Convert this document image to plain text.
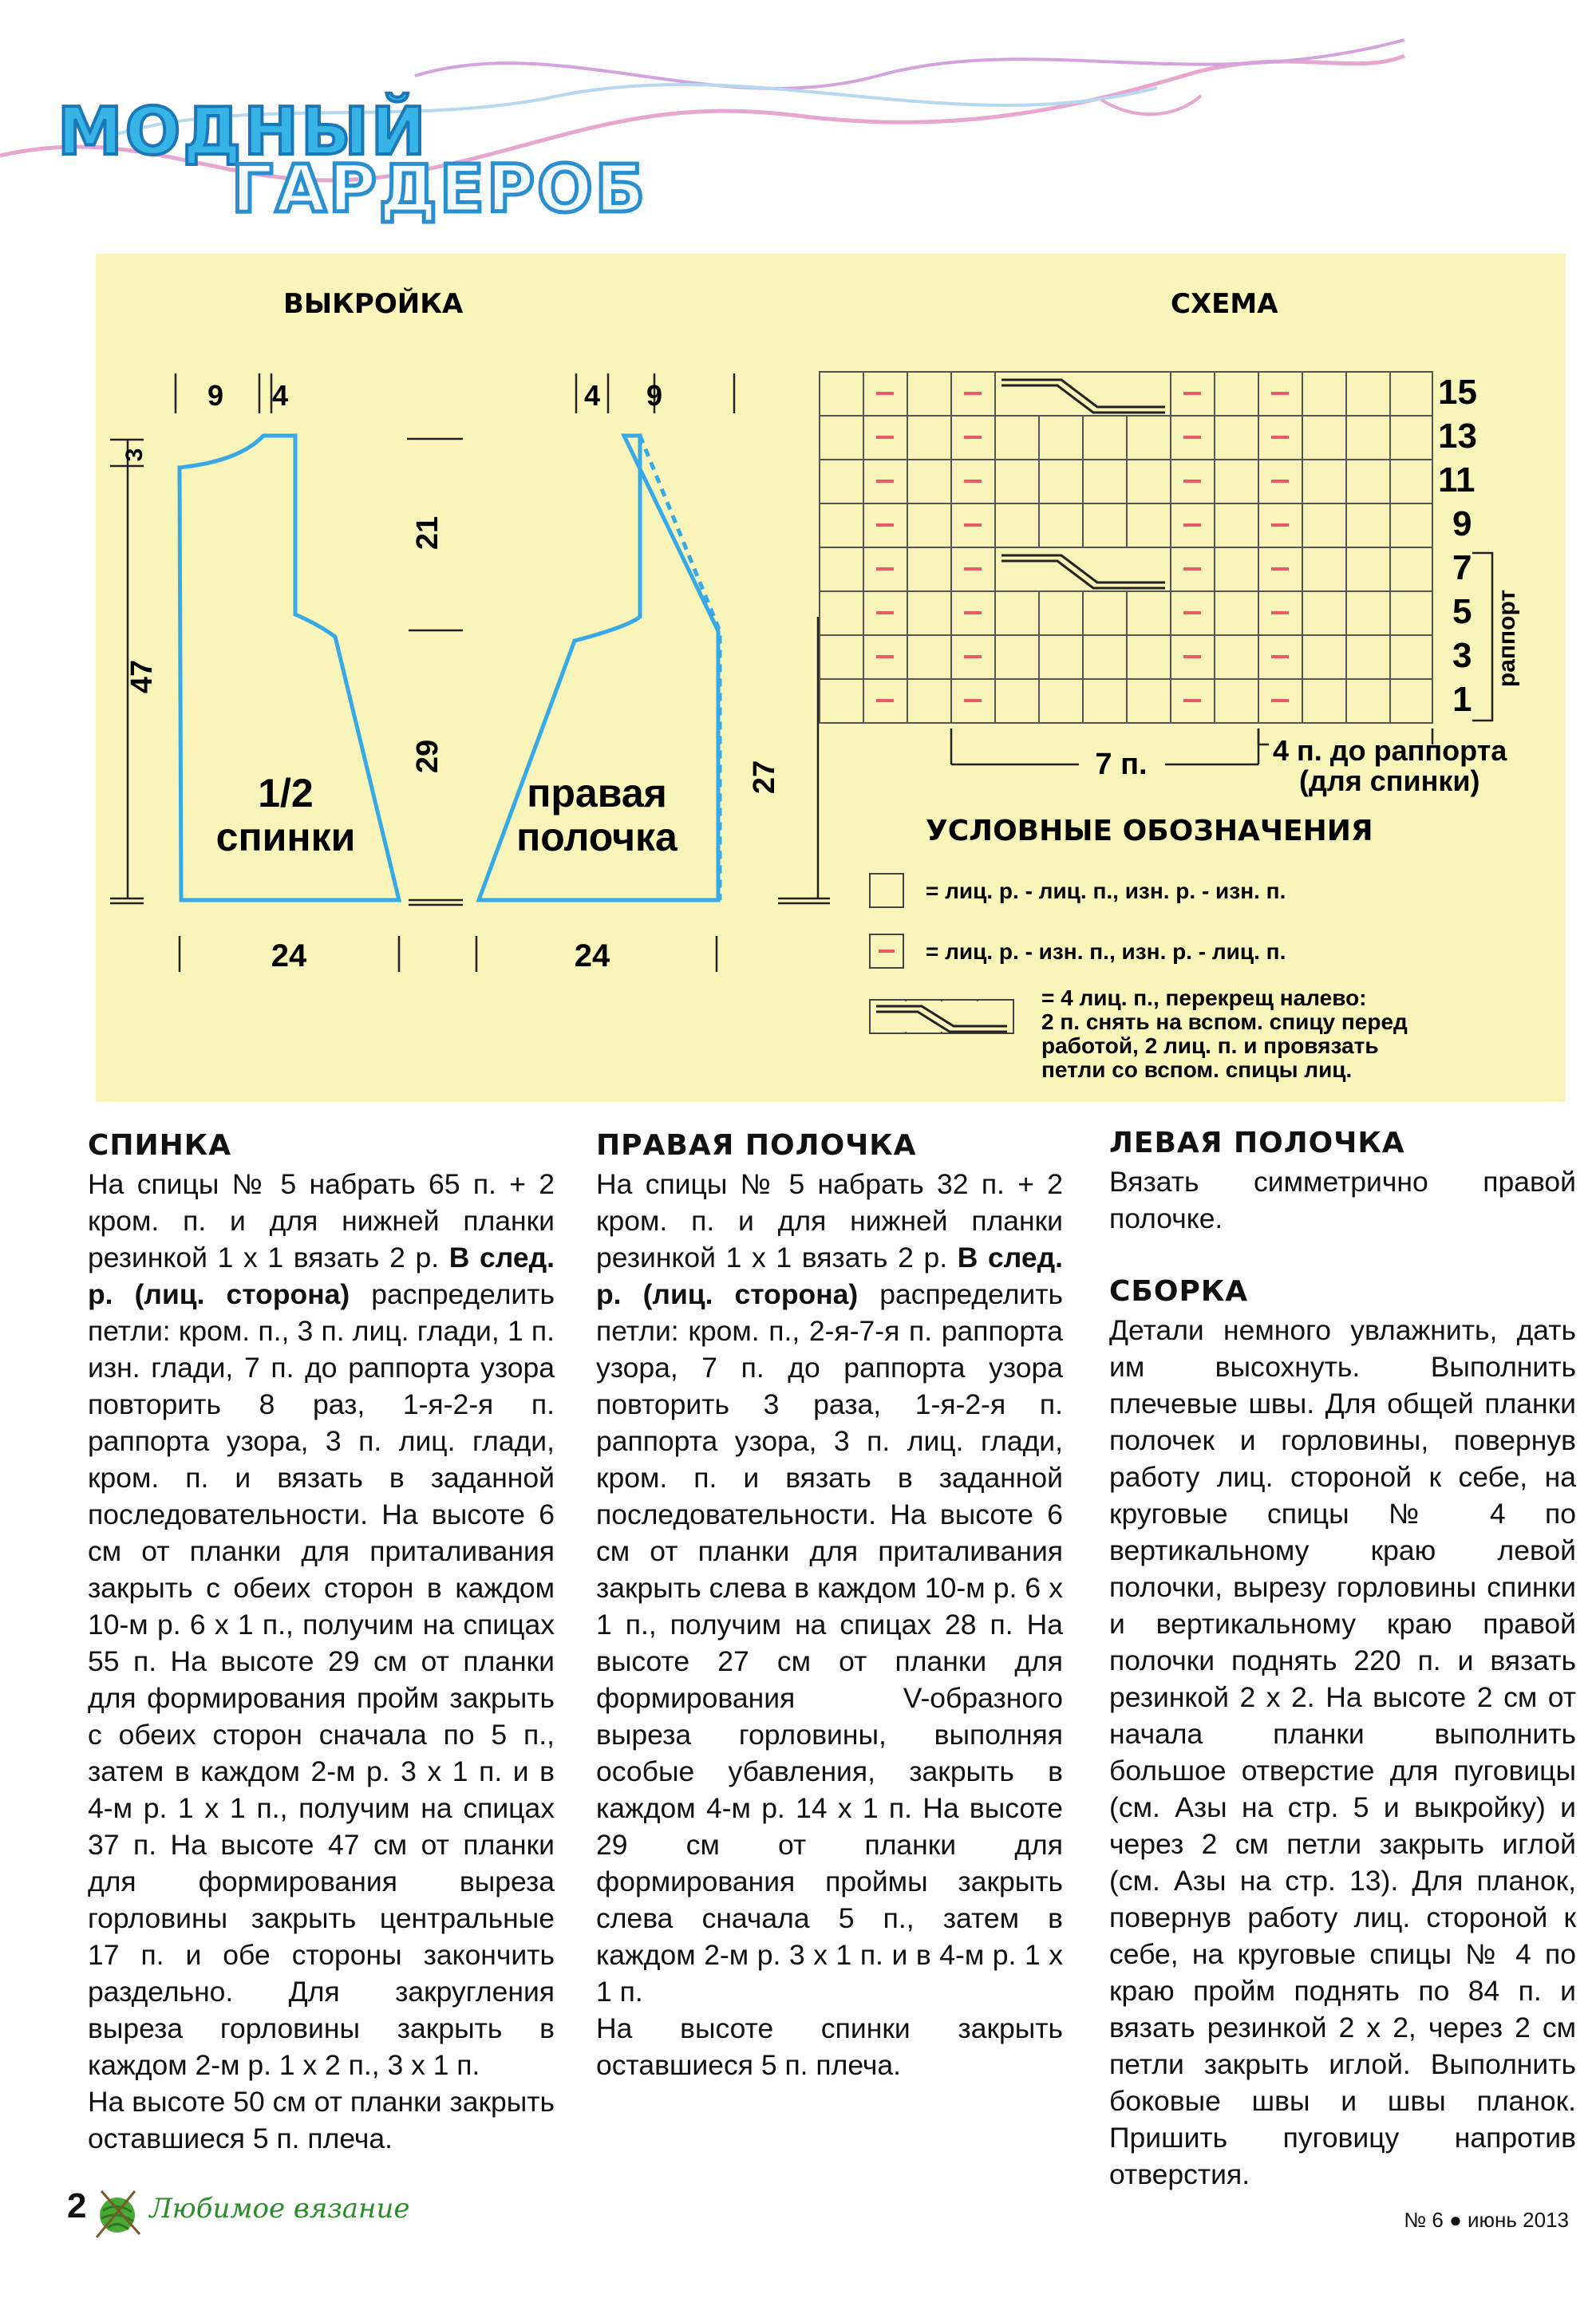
МОДНЫЙ
ГАРДЕРОБ
ВЫКРОЙКА
9 4
3
47
24
1/2
спинки
21
29
4 9
27
24
правая
полочка
СХЕМА
15
13
11
9
7
5
3
1
раппорт
7 п.	4 п. до раппорта
(для спинки)
УСЛОВНЫЕ ОБОЗНАЧЕНИЯ
= лиц. р. - лиц. п., изн. р. - изн. п.
= лиц. р. - изн. п., изн. р. - лиц. п.
= 4 лиц. п., перекрещ налево:
2 п. снять на вспом. спицу перед
работой, 2 лиц. п. и провязать
петли со вспом. спицы лиц.
СПИНКА

На спицы № 5 набрать 65 п. + 2 кром. п. и для нижней планки резинкой 1 х 1 вязать 2 р. В след. р. (лиц. сторона) распределить петли: кром. п., 3 п. лиц. глади, 1 п. изн. глади, 7 п. до раппорта узора повторить 8 раз, 1-я-2-я п. раппорта узора, 3 п. лиц. глади, кром. п. и вязать в заданной последовательности. На высоте 6 см от планки для приталивания закрыть с обеих сторон в каждом 10-м р. 6 х 1 п., получим на спицах 55 п. На высоте 29 см от планки для формирования пройм закрыть с обеих сторон сначала по 5 п., затем в каждом 2-м р. 3 х 1 п. и в 4-м р. 1 х 1 п., получим на спицах 37 п. На высоте 47 см от планки для формирования выреза горловины закрыть центральные 17 п. и обе стороны закончить раздельно. Для закругления выреза горловины закрыть в каждом 2-м р. 1 х 2 п., 3 х 1 п.

На высоте 50 см от планки закрыть оставшиеся 5 п. плеча.

ПРАВАЯ ПОЛОЧКА

На спицы № 5 набрать 32 п. + 2 кром. п. и для нижней планки резинкой 1 х 1 вязать 2 р. В след. р. (лиц. сторона) распределить петли: кром. п., 2-я-7-я п. раппорта узора, 7 п. до раппорта узора повторить 3 раза, 1-я-2-я п. раппорта узора, 3 п. лиц. глади, кром. п. и вязать в заданной последовательности. На высоте 6 см от планки для приталивания закрыть слева в каждом 10-м р. 6 х 1 п., получим на спицах 28 п. На высоте 27 см от планки для формирования V-образного выреза горловины, выполняя особые убавления, закрыть в каждом 4-м р. 14 х 1 п. На высоте 29 см от планки для формирования проймы закрыть слева сначала 5 п., затем в каждом 2-м р. 3 х 1 п. и в 4-м р. 1 х 1 п.

На высоте спинки закрыть оставшиеся 5 п. плеча.

ЛЕВАЯ ПОЛОЧКА

Вязать симметрично правой полочке.

СБОРКА

Детали немного увлажнить, дать им высохнуть. Выполнить плечевые швы. Для общей планки полочек и горловины, повернув работу лиц. стороной к себе, на круговые спицы № 4 по вертикальному краю левой полочки, вырезу горловины спинки и вертикальному краю правой полочки поднять 220 п. и вязать резинкой 2 х 2. На высоте 2 см от начала планки выполнить большое отверстие для пуговицы (см. Азы на стр. 5 и выкройку) и через 2 см петли закрыть иглой (см. Азы на стр. 13). Для планок, повернув работу лиц. стороной к себе, на круговые спицы № 4 по краю пройм поднять по 84 п. и вязать резинкой 2 х 2, через 2 см петли закрыть иглой. Выполнить боковые швы и швы планок. Пришить пуговицу напротив отверстия.

2 Любимое вязание	№ 6 ● июнь 2013
